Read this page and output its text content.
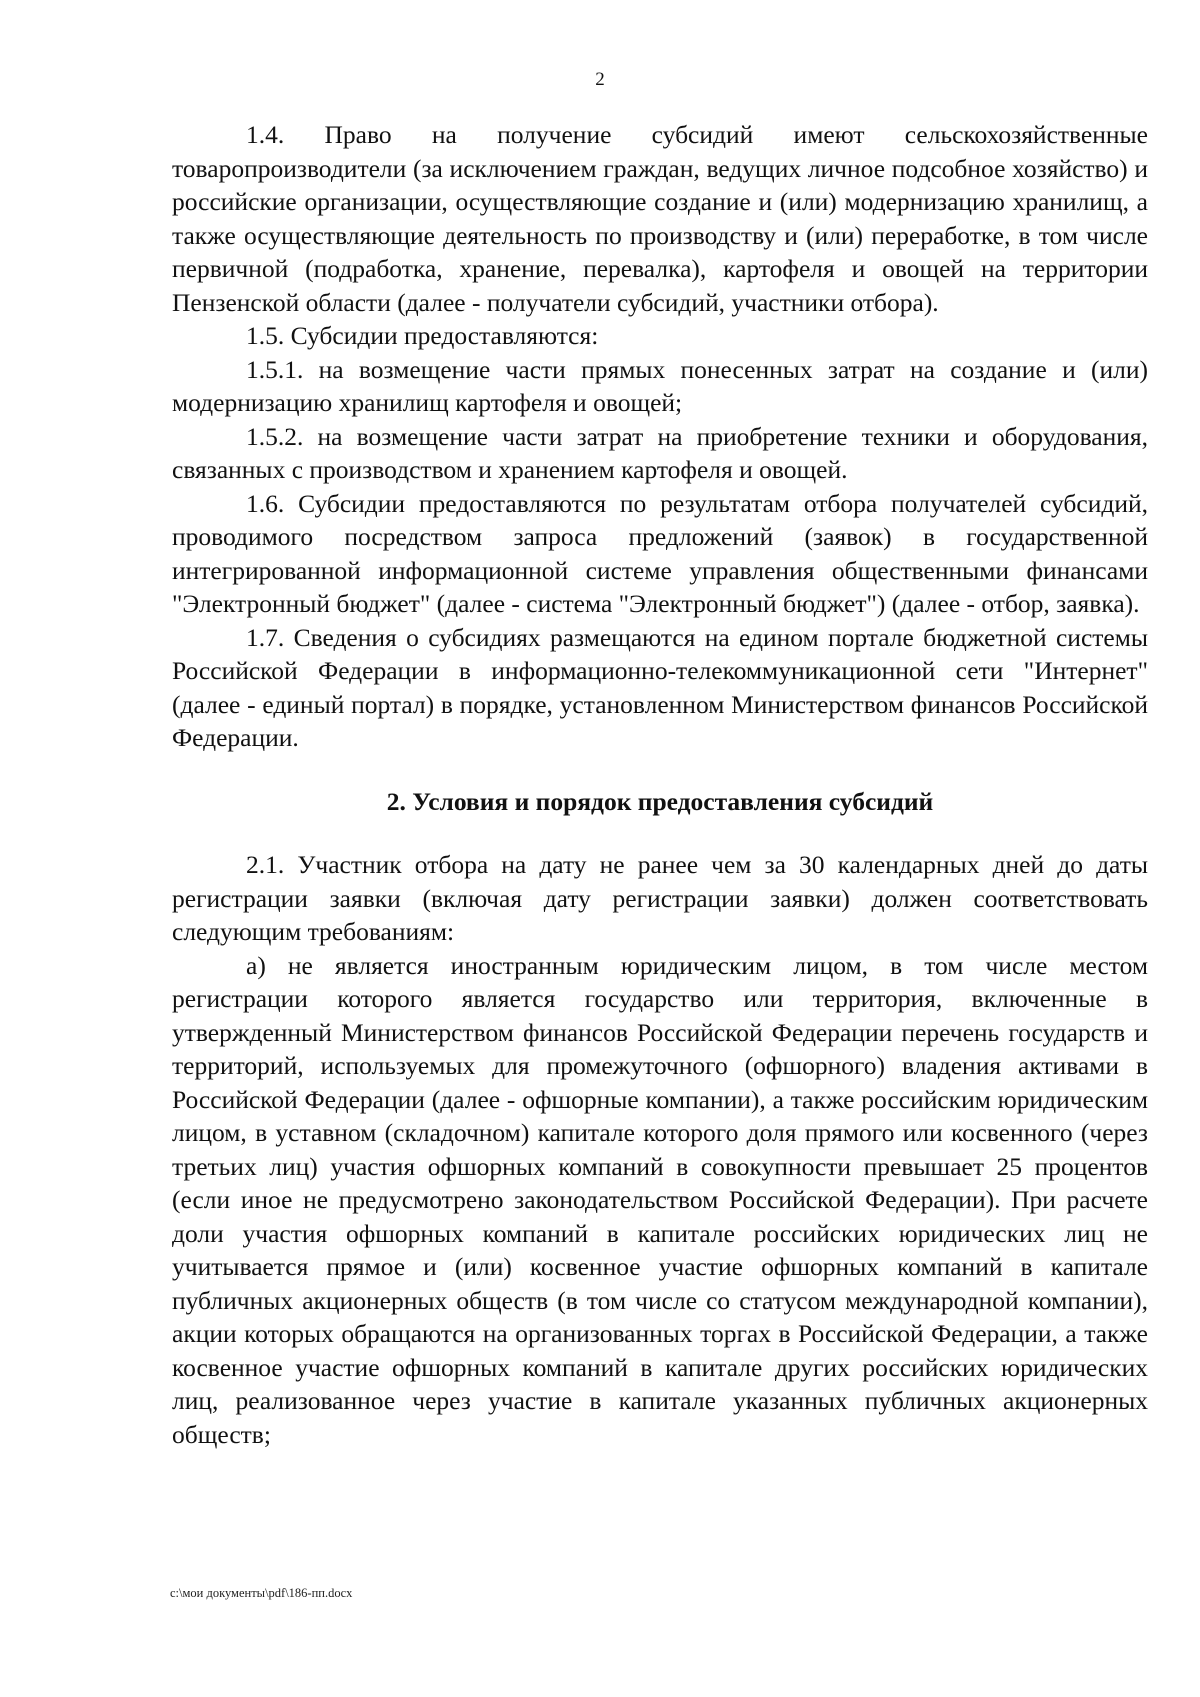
2

1.4. Право на получение субсидий имеют сельскохозяйственные товаропроизводители (за исключением граждан, ведущих личное подсобное хозяйство) и российские организации, осуществляющие создание и (или) модернизацию хранилищ, а также осуществляющие деятельность по производству и (или) переработке, в том числе первичной (подработка, хранение, перевалка), картофеля и овощей на территории Пензенской области (далее - получатели субсидий, участники отбора).

1.5. Субсидии предоставляются:

1.5.1. на возмещение части прямых понесенных затрат на создание и (или) модернизацию хранилищ картофеля и овощей;

1.5.2. на возмещение части затрат на приобретение техники и оборудования, связанных с производством и хранением картофеля и овощей.

1.6. Субсидии предоставляются по результатам отбора получателей субсидий, проводимого посредством запроса предложений (заявок) в государственной интегрированной информационной системе управления общественными финансами "Электронный бюджет" (далее - система "Электронный бюджет") (далее - отбор, заявка).

1.7. Сведения о субсидиях размещаются на едином портале бюджетной системы Российской Федерации в информационно-телекоммуникационной сети "Интернет" (далее - единый портал) в порядке, установленном Министерством финансов Российской Федерации.

2. Условия и порядок предоставления субсидий

2.1. Участник отбора на дату не ранее чем за 30 календарных дней до даты регистрации заявки (включая дату регистрации заявки) должен соответствовать следующим требованиям:

а) не является иностранным юридическим лицом, в том числе местом регистрации которого является государство или территория, включенные в утвержденный Министерством финансов Российской Федерации перечень государств и территорий, используемых для промежуточного (офшорного) владения активами в Российской Федерации (далее - офшорные компании), а также российским юридическим лицом, в уставном (складочном) капитале которого доля прямого или косвенного (через третьих лиц) участия офшорных компаний в совокупности превышает 25 процентов (если иное не предусмотрено законодательством Российской Федерации). При расчете доли участия офшорных компаний в капитале российских юридических лиц не учитывается прямое и (или) косвенное участие офшорных компаний в капитале публичных акционерных обществ (в том числе со статусом международной компании), акции которых обращаются на организованных торгах в Российской Федерации, а также косвенное участие офшорных компаний в капитале других российских юридических лиц, реализованное через участие в капитале указанных публичных акционерных обществ;

c:\мои документы\pdf\186-пп.docx
